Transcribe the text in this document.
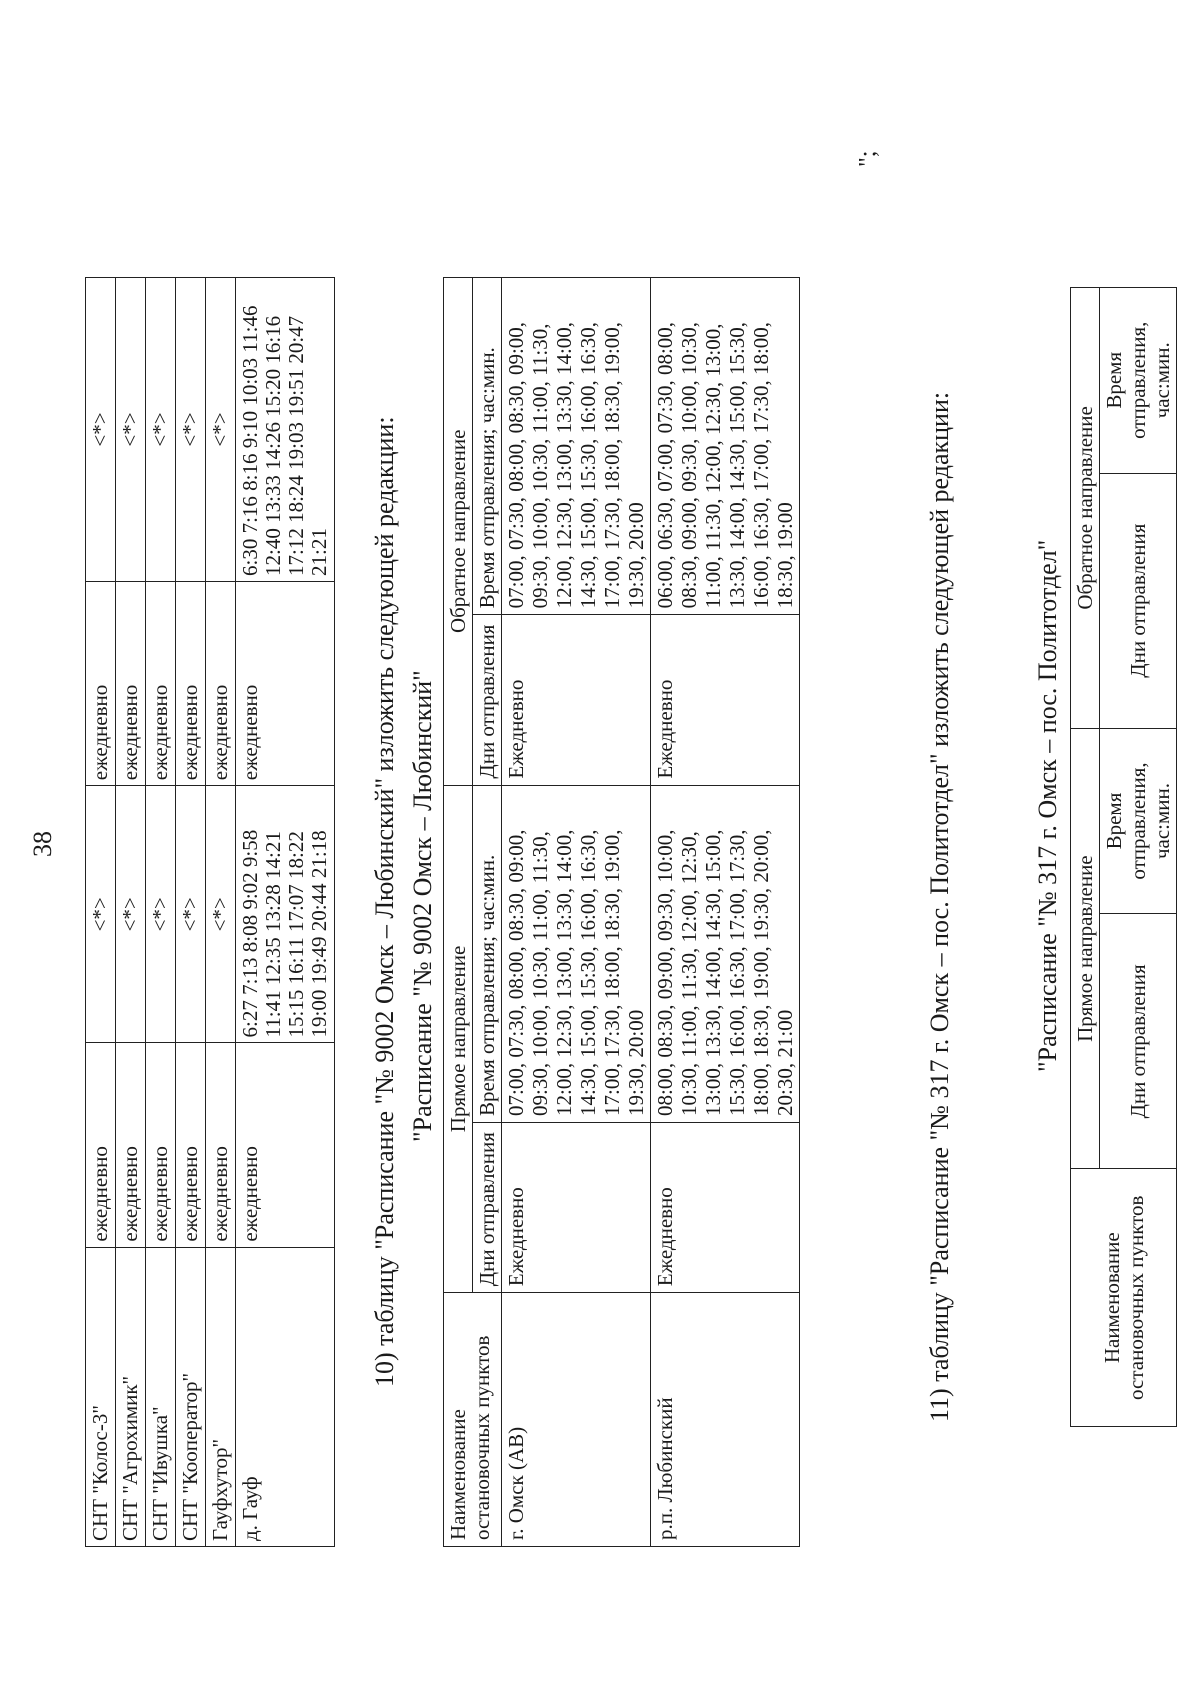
38
СНТ "Колос-3"	ежедневно	<*>	ежедневно	<*>
СНТ "Агрохимик"	ежедневно	<*>	ежедневно	<*>
СНТ "Ивушка"	ежедневно	<*>	ежедневно	<*>
СНТ "Кооператор"	ежедневно	<*>	ежедневно	<*>
Гауфхутор"	ежедневно	<*>	ежедневно	<*>
д. Гауф	ежедневно	6:27 7:13 8:08 9:02 9:58 11:41 12:35 13:28 14:21 15:15 16:11 17:07 18:22 19:00 19:49 20:44 21:18	ежедневно	6:30 7:16 8:16 9:10 10:03 11:46 12:40 13:33 14:26 15:20 16:16 17:12 18:24 19:03 19:51 20:47 21:21 10) таблицу "Расписание "№ 9002 Омск – Любинский" изложить следующей редакции: "Расписание "№ 9002 Омск – Любинский"
Наименование остановочных пунктов	Прямое направление		Обратное направление	
	Дни отправления	Время отправления; час:мин.	Дни отправления	Время отправления; час:мин.
г. Омск (АВ)	Ежедневно	07:00, 07:30, 08:00, 08:30, 09:00, 09:30, 10:00, 10:30, 11:00, 11:30, 12:00, 12:30, 13:00, 13:30, 14:00, 14:30, 15:00, 15:30, 16:00, 16:30, 17:00, 17:30, 18:00, 18:30, 19:00, 19:30, 20:00	Ежедневно	07:00, 07:30, 08:00, 08:30, 09:00, 09:30, 10:00, 10:30, 11:00, 11:30, 12:00, 12:30, 13:00, 13:30, 14:00, 14:30, 15:00, 15:30, 16:00, 16:30, 17:00, 17:30, 18:00, 18:30, 19:00, 19:30, 20:00
р.п. Любинский	Ежедневно	08:00, 08:30, 09:00, 09:30, 10:00, 10:30, 11:00, 11:30, 12:00, 12:30, 13:00, 13:30, 14:00, 14:30, 15:00, 15:30, 16:00, 16:30, 17:00, 17:30, 18:00, 18:30, 19:00, 19:30, 20:00, 20:30, 21:00	Ежедневно	06:00, 06:30, 07:00, 07:30, 08:00, 08:30, 09:00, 09:30, 10:00, 10:30, 11:00, 11:30, 12:00, 12:30, 13:00, 13:30, 14:00, 14:30, 15:00, 15:30, 16:00, 16:30, 17:00, 17:30, 18:00, 18:30, 19:00
";
11) таблицу "Расписание "№ 317 г. Омск – пос. Политотдел" изложить следующей редакции:	"Расписание "№ 317 г. Омск – пос. Политотдел"
Наименование остановочных пунктов	Прямое направление		Обратное направление	
	Дни отправления	Время отправления, час:мин.	Дни отправления	Время отправления, час:мин.
